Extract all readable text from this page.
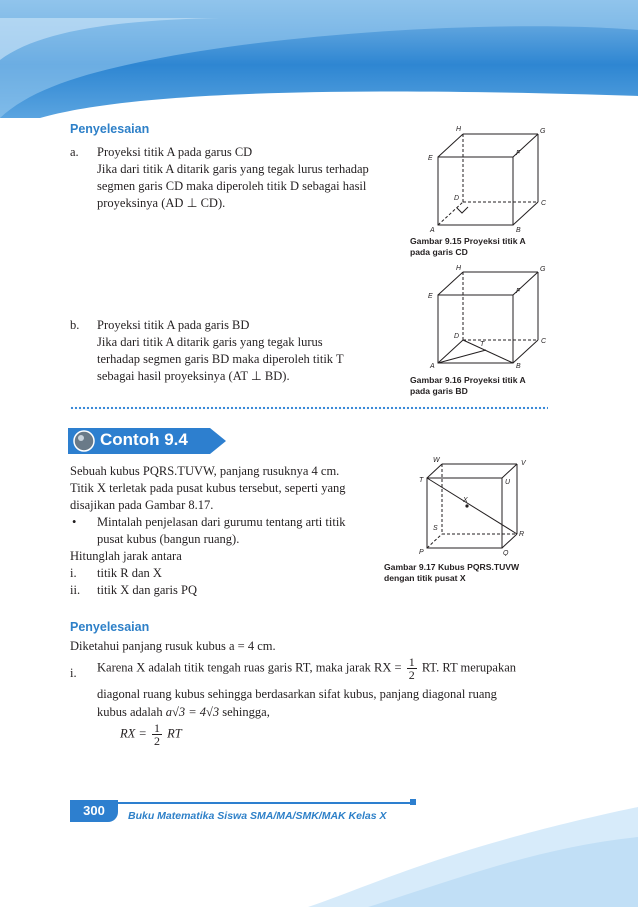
Penyelesaian
a. Proyeksi titik A pada garus CD
Jika dari titik A ditarik garis yang tegak lurus terhadap
segmen garis CD maka diperoleh titik D sebagai hasil
proyeksinya (AD ⊥ CD).
H	G
E
F
D
C
A	B
Gambar 9.15 Proyeksi titik A
pada garis CD
H	G
E
F
D
C
A	B
T
Gambar 9.16 Proyeksi titik A
pada garis BD
b. Proyeksi titik A pada garis BD
Jika dari titik A ditarik garis yang tegak lurus
terhadap segmen garis BD maka diperoleh titik T
sebagai hasil proyeksinya (AT ⊥ BD).
Contoh 9.4
Sebuah kubus PQRS.TUVW, panjang rusuknya 4 cm.
Titik X terletak pada pusat kubus tersebut, seperti yang
disajikan pada Gambar 8.17.
• Mintalah penjelasan dari gurumu tentang arti titik
pusat kubus (bangun ruang).
Hitunglah jarak antara
i. titik R dan X
ii. titik X dan garis PQ
W	V
T	U
X
S
R
P	Q
Gambar 9.17 Kubus PQRS.TUVW
dengan titik pusat X
Penyelesaian
Diketahui panjang rusuk kubus a = 4 cm.
i. Karena X adalah titik tengah ruas garis RT, maka jarak RX = $\frac{1}{2}$ RT. RT merupakan
diagonal ruang kubus sehingga berdasarkan sifat kubus, panjang diagonal ruang
kubus adalah a√3 = 4√3 sehingga,
RX = $\frac{1}{2}$ RT
300	Buku Matematika Siswa SMA/MA/SMK/MAK Kelas X
